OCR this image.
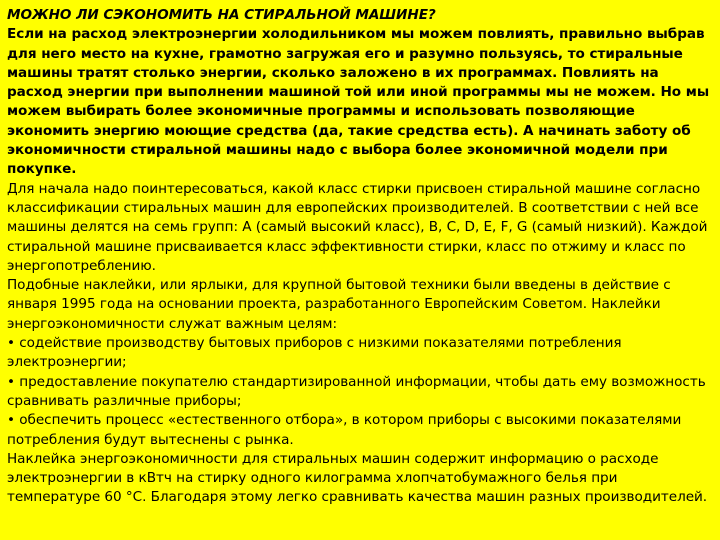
МОЖНО ЛИ СЭКОНОМИТЬ НА СТИРАЛЬНОЙ МАШИНЕ?

Если на расход электроэнергии холодильником мы можем повлиять, правильно выбрав для него место на кухне, грамотно загружая его и разумно пользуясь, то стиральные машины тратят столько энергии, сколько заложено в их программах. Повлиять на расход энергии при выполнении машиной той или иной программы мы не можем. Но мы можем выбирать более экономичные программы и использовать позволяющие экономить энергию моющие средства (да, такие средства есть). А начинать заботу об экономичности стиральной машины надо с выбора более экономичной модели при покупке.

Для начала надо поинтересоваться, какой класс стирки присвоен стиральной машине согласно классификации стиральных машин для европейских производителей. В соответствии с ней все машины делятся на семь групп: А (самый высокий класс), В, С, D, E, F, G (самый низкий). Каждой стиральной машине присваивается класс эффективности стирки, класс по отжиму и класс по энергопотреблению.

Подобные наклейки, или ярлыки, для крупной бытовой техники были введены в действие с января 1995 года на основании проекта, разработанного Европейским Советом. Наклейки энергоэкономичности служат важным целям:

• содействие производству бытовых приборов с низкими показателями потребления электроэнергии;

• предоставление покупателю стандартизированной информации, чтобы дать ему возможность сравнивать различные приборы;

• обеспечить процесс «естественного отбора», в котором приборы с высокими показателями потребления будут вытеснены с рынка.

Наклейка энергоэкономичности для стиральных машин содержит информацию о расходе электроэнергии в кВтч на стирку одного килограмма хлопчатобумажного белья при температуре 60 °С. Благодаря этому легко сравнивать качества машин разных производителей.
